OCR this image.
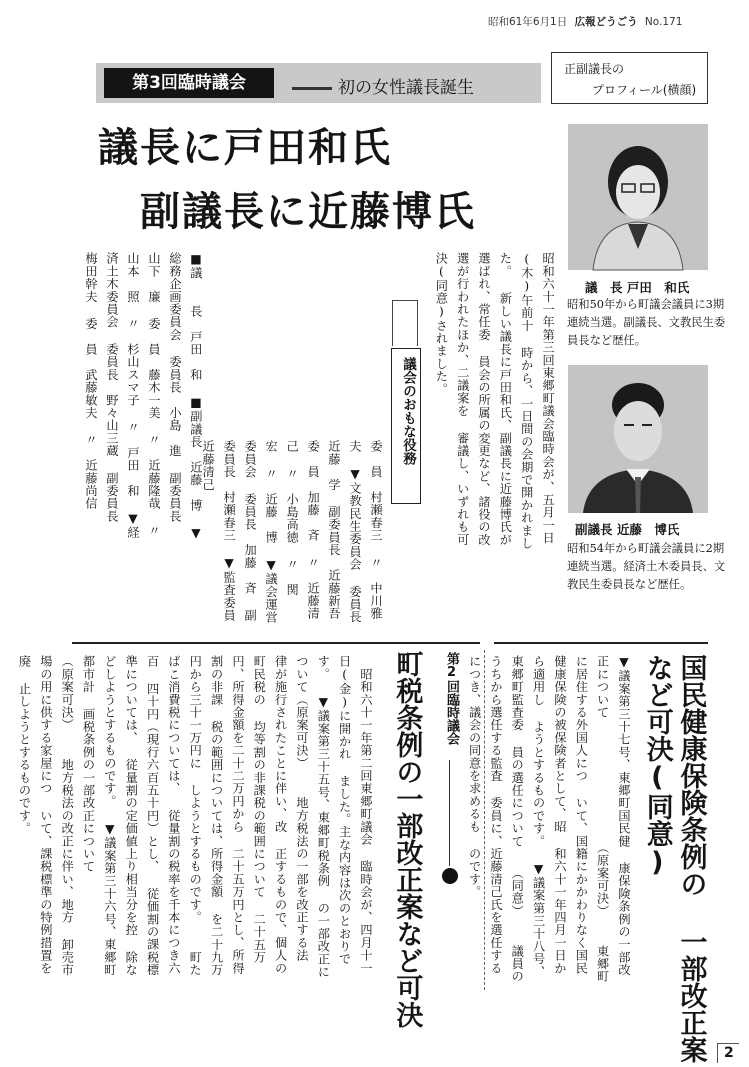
昭和61年6月1日 広報どうごう No.171
第3回臨時議会	初の女性議長誕生
正副議長の
プロフィール(横顔)
議長に戸田和氏
副議長に近藤博氏
昭和六十一年第三回東郷町議会臨時会が、五月一日(木)午前十 時から、一日間の会期で開かれました。 新しい議長に戸田和氏、副議長に近藤博氏が選ばれ、常任委 員会の所属の変更など、諸役の改選が行われたほか、二議案を 審議し、いずれも可決(同意)されました。
議会のおもな役務
■議　　長　戸田　和 ■副議長　近藤　博 ▼総務企画委員会 委員長　小島　進 副委員長　山下　廉 委　員　藤木一美 〃　近藤隆哉 〃　山本　照 〃　杉山スマ子 〃　戸田　和 ▼経済土木委員会 委員長　野々山三蔵 副委員長　梅田幹夫 委　員　武藤敏夫 〃　近藤尚信	委　員　村瀬春三 〃　中川雅夫 ▼文教民生委員会 委員長　近藤　学 副委員長　近藤新吾 委　員　加藤　斉 〃　近藤清己 〃　小島高徳 〃　関　　宏 〃　近藤　博 ▼議会運営委員会 委員長　加藤　斉 副委員長　村瀬春三 ▼監査委員 近藤清己
議　長 戸田　和氏
昭和50年から町議会議員に3期連続当選。副議長、文教民生委員長など歴任。
副議長 近藤　博氏
昭和54年から町議会議員に2期連続当選。経済土木委員長、文教民生委員長など歴任。
国民健康保険条例の 一部改正案など可決(同意)
▼議案第三十七号、東郷町国民健 康保険条例の一部改正について 　　　　　　　　　（原案可決） 　東郷町に居住する外国人につ いて、国籍にかかわりなく国民 健康保険の被保険者として、昭 和六十一年四月一日から適用し ようとするものです。 ▼議案第三十八号、東郷町監査委 員の選任について　　（同意） 　議員のうちから選任する監査 委員に、近藤清己氏を選任する につき、議会の同意を求めるも のです。
第2回臨時議会
町税条例の一部改正案など可決
　昭和六十一年第二回東郷町議会 臨時会が、四月十一日(金)に開かれ ました。主な内容は次のとおりで す。 ▼議案第三十五号、東郷町税条例 の一部改正について（原案可決） 　地方税法の一部を改正する法 律が施行されたことに伴い、改 正するもので、個人の町民税の 均等割の非課税の範囲について 二十五万円、所得金額を二十二万円から 二十五万円とし、所得割の非課 税の範囲については、所得金額 を二十九万円から三十一万円に しようとするものです。 　町たばこ消費税については、 従量割の税率を千本につき六百 四十円（現行六百五十円）とし、 従価割の課税標準については、 従量割の定価値上り相当分を控 除などしようとするものです。 ▼議案第三十六号、東郷町都市計 画税条例の一部改正について 　　　　　　　　　（原案可決） 　地方税法の改正に伴い、地方 卸売市場の用に供する家屋につ いて、課税標準の特例措置を廃 止しようとするものです。
2
